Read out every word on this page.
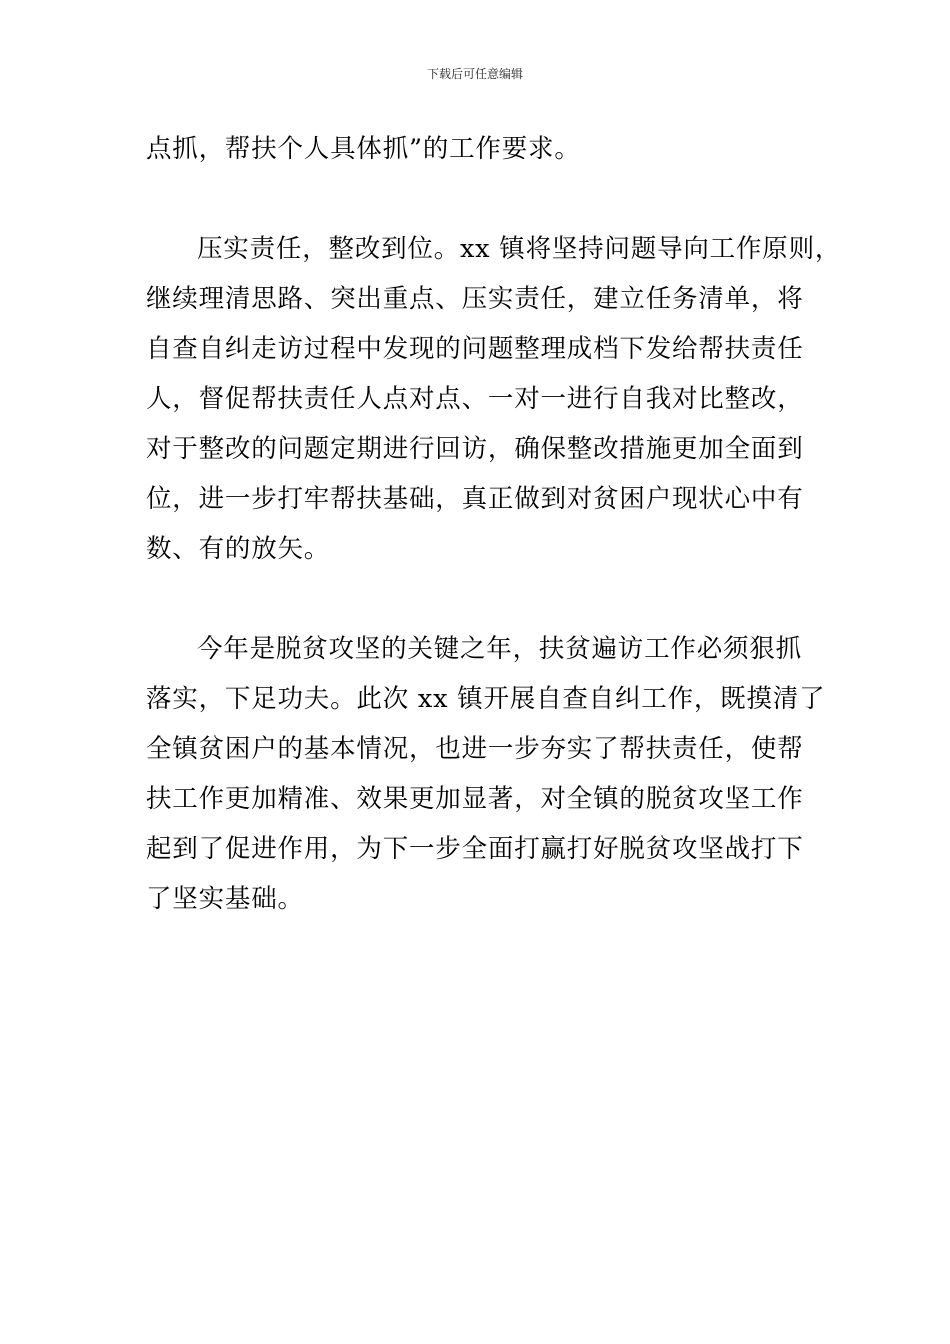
下载后可任意编辑
点抓，帮扶个人具体抓”的工作要求。
压实责任，整改到位。xx 镇将坚持问题导向工作原则，
继续理清思路、突出重点、压实责任，建立任务清单，将
自查自纠走访过程中发现的问题整理成档下发给帮扶责任
人，督促帮扶责任人点对点、一对一进行自我对比整改，
对于整改的问题定期进行回访，确保整改措施更加全面到
位，进一步打牢帮扶基础，真正做到对贫困户现状心中有
数、有的放矢。
今年是脱贫攻坚的关键之年，扶贫遍访工作必须狠抓
落实，下足功夫。此次 xx 镇开展自查自纠工作，既摸清了
全镇贫困户的基本情况，也进一步夯实了帮扶责任，使帮
扶工作更加精准、效果更加显著，对全镇的脱贫攻坚工作
起到了促进作用，为下一步全面打赢打好脱贫攻坚战打下
了坚实基础。
